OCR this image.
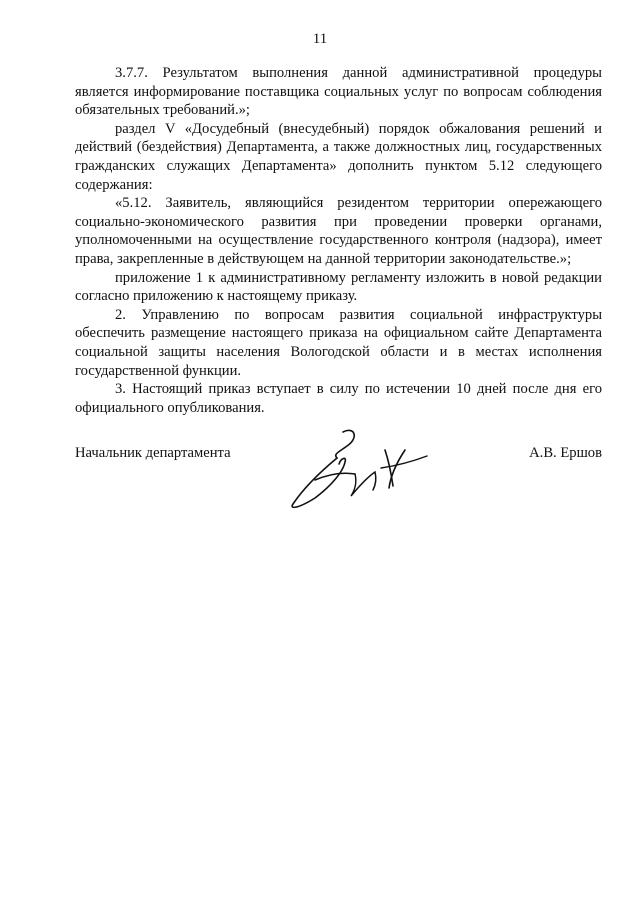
11

3.7.7. Результатом выполнения данной административной процедуры является информирование поставщика социальных услуг по вопросам соблюдения обязательных требований.»;

раздел V «Досудебный (внесудебный) порядок обжалования решений и действий (бездействия) Департамента, а также должностных лиц, государственных гражданских служащих Департамента» дополнить пунктом 5.12 следующего содержания:

«5.12. Заявитель, являющийся резидентом территории опережающего социально-экономического развития при проведении проверки органами, уполномоченными на осуществление государственного контроля (надзора), имеет права, закрепленные в действующем на данной территории законодательстве.»;

приложение 1 к административному регламенту изложить в новой редакции согласно приложению к настоящему приказу.

2. Управлению по вопросам развития социальной инфраструктуры обеспечить размещение настоящего приказа на официальном сайте Департамента социальной защиты населения Вологодской области и в местах исполнения государственной функции.

3. Настоящий приказ вступает в силу по истечении 10 дней после дня его официального опубликования.

Начальник департамента	А.В. Ершов
